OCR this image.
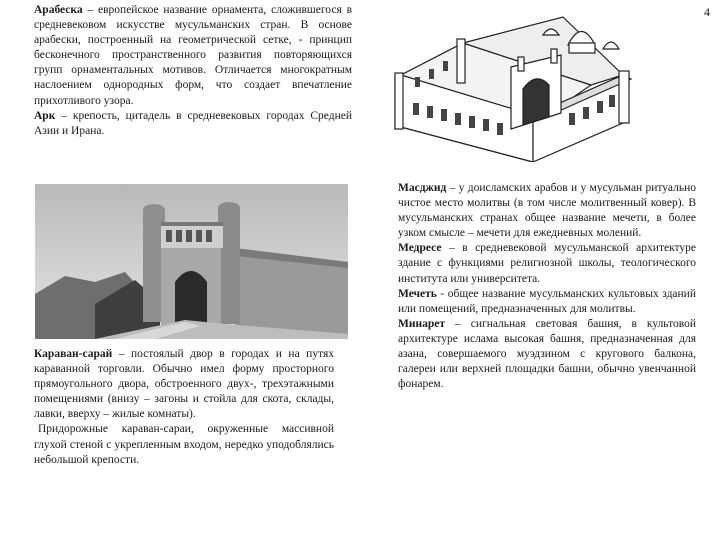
4

Арабеска – европейское название орнамента, сложившегося в средневековом искусстве мусульманских стран. В основе арабески, построенный на геометрической сетке, - принцип бесконечного пространственного развития повторяющихся групп орнаментальных мотивов. Отличается многократным наслоением однородных форм, что создает впечатление прихотливого узора.

Арк – крепость, цитадель в средневековых городах Средней Азии и Ирана.

Караван-сарай – постоялый двор в городах и на путях караванной торговли. Обычно имел форму просторного прямоугольного двора, обстроенного двух-, трехэтажными помещениями (внизу – загоны и стойла для скота, склады, лавки, вверху – жилые комнаты).

Придорожные караван-сараи, окруженные массивной глухой стеной с укрепленным входом, нередко уподоблялись небольшой крепости.

Масджид – у доисламских арабов и у мусульман ритуально чистое место молитвы (в том числе молитвенный ковер). В мусульманских странах общее название мечети, в более узком смысле – мечети для ежедневных молений.

Медресе – в средневековой мусульманской архитектуре здание с функциями религиозной школы, теологического института или университета.

Мечеть - общее название мусульманских культовых зданий или помещений, предназначенных для молитвы.

Минарет – сигнальная световая башня, в культовой архитектуре ислама высокая башня, предназначенная для азана, совершаемого муэдзином с кругового балкона, галереи или верхней площадки башни, обычно увенчанной фонарем.
